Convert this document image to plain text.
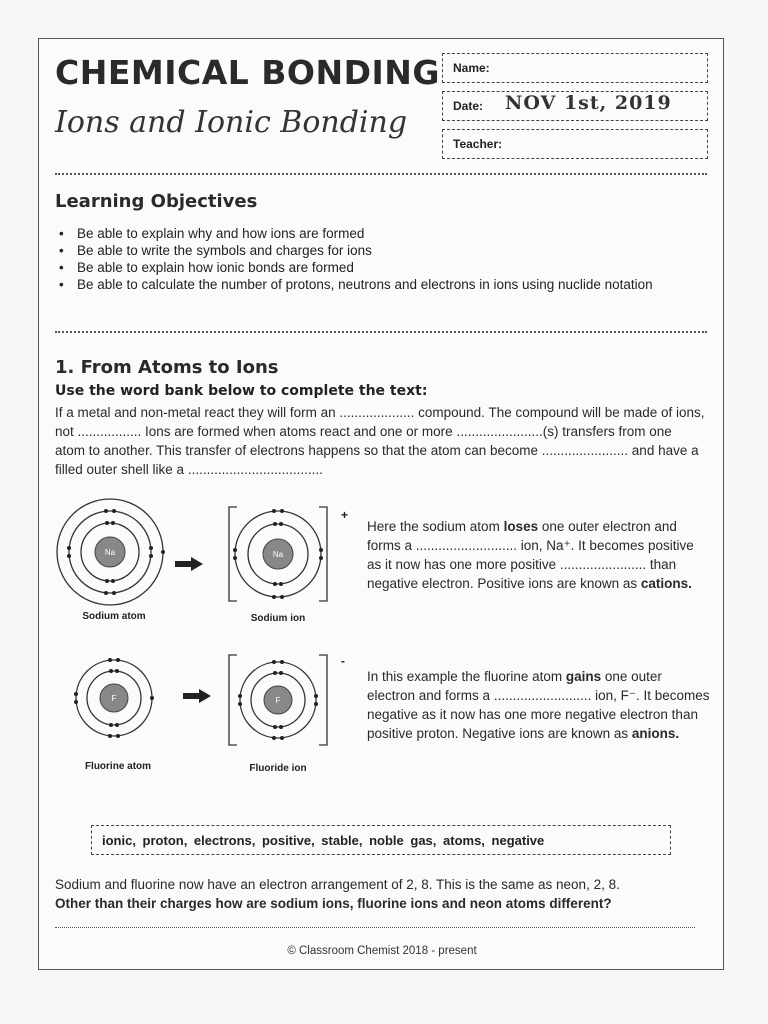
CHEMICAL BONDING
Ions and Ionic Bonding
Name:
Date: NOV 1st, 2019
Teacher:
Learning Objectives
• Be able to explain why and how ions are formed
• Be able to write the symbols and charges for ions
• Be able to explain how ionic bonds are formed
• Be able to calculate the number of protons, neutrons and electrons in ions using nuclide notation
1. From Atoms to Ions
Use the word bank below to complete the text:
If a metal and non-metal react they will form an .................... compound. The compound will be made of ions, not ................. Ions are formed when atoms react and one or more .......................(s) transfers from one atom to another. This transfer of electrons happens so that the atom can become ....................... and have a filled outer shell like a ....................................
Na
Sodium atom
Na
+
Sodium ion
Here the sodium atom loses one outer electron and forms a ........................... ion, Na⁺. It becomes positive as it now has one more positive ....................... than negative electron. Positive ions are known as cations.
F
Fluorine atom
F
-
Fluoride ion
In this example the fluorine atom gains one outer electron and forms a .......................... ion, F⁻. It becomes negative as it now has one more negative electron than positive proton. Negative ions are known as anions.
ionic, proton, electrons, positive, stable, noble gas, atoms, negative
Sodium and fluorine now have an electron arrangement of 2, 8. This is the same as neon, 2, 8.
Other than their charges how are sodium ions, fluorine ions and neon atoms different?
© Classroom Chemist 2018 - present
